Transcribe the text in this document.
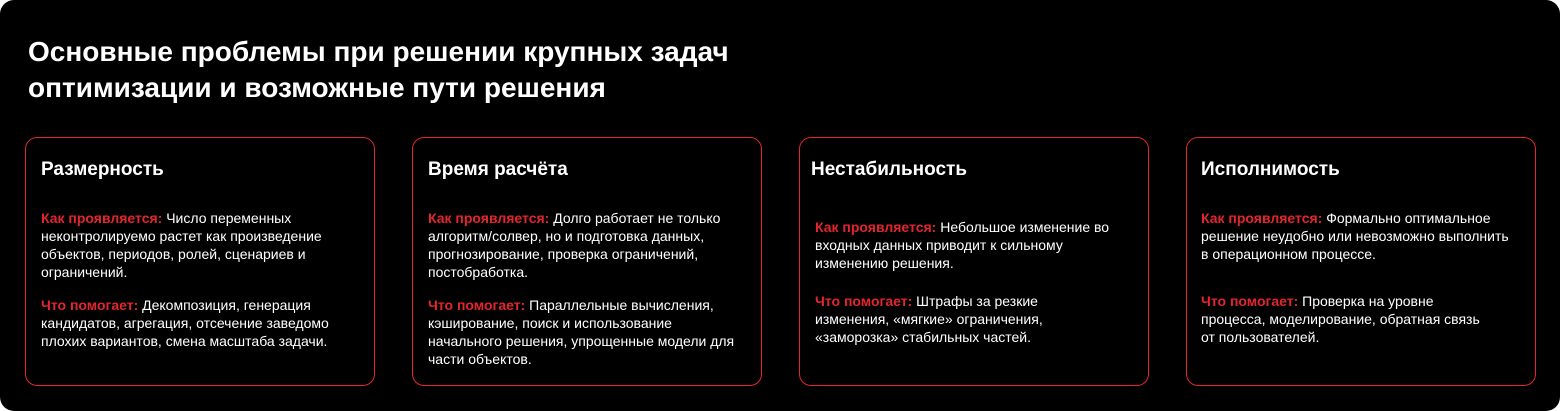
Основные проблемы при решении крупных задач
оптимизации и возможные пути решения
Размерность

Как проявляется: Число переменных неконтролируемо растет как произведение объектов, периодов, ролей, сценариев и ограничений.

Что помогает: Декомпозиция, генерация кандидатов, агрегация, отсечение заведомо плохих вариантов, смена масштаба задачи.

Время расчёта

Как проявляется: Долго работает не только алгоритм/солвер, но и подготовка данных, прогнозирование, проверка ограничений, постобработка.

Что помогает: Параллельные вычисления, кэширование, поиск и использование начального решения, упрощенные модели для части объектов.

Нестабильность

Как проявляется: Небольшое изменение во входных данных приводит к сильному изменению решения.

Что помогает: Штрафы за резкие изменения, «мягкие» ограничения, «заморозка» стабильных частей.

Исполнимость

Как проявляется: Формально оптимальное решение неудобно или невозможно выполнить в операционном процессе.

Что помогает: Проверка на уровне процесса, моделирование, обратная связь от пользователей.
